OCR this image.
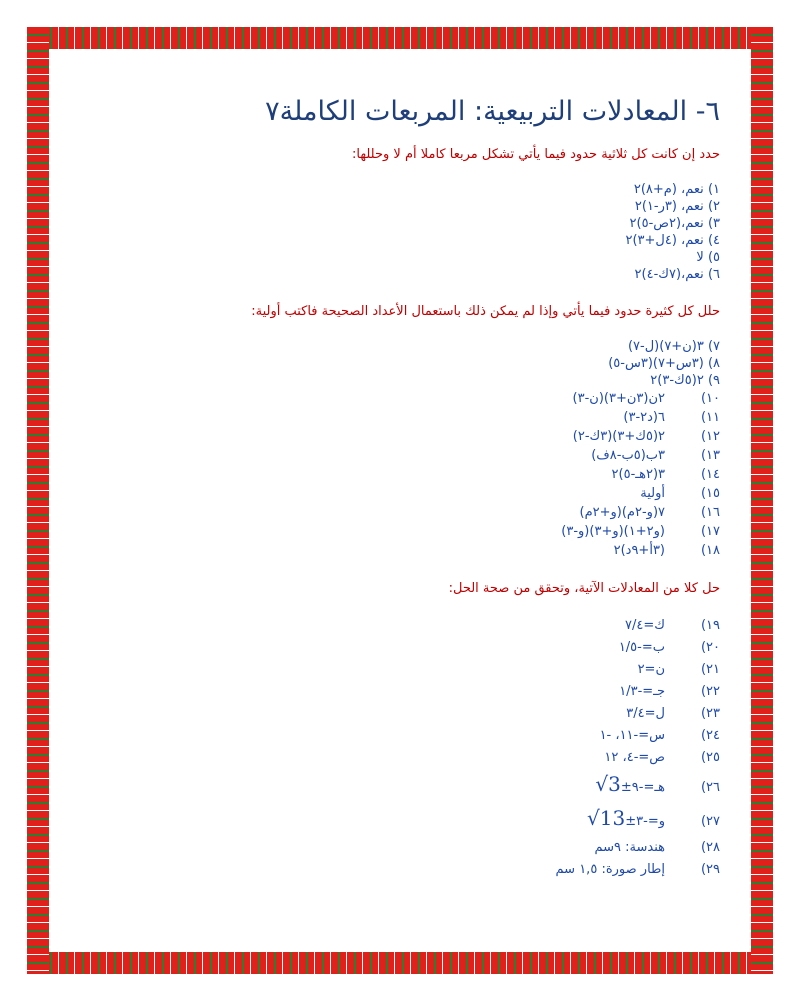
٦- المعادلات التربيعية: المربعات الكاملة٧
حدد إن كانت كل ثلاثية حدود فيما يأتي تشكل مربعا كاملا أم لا وحللها:
١) نعم، (م+٨)٢
٢) نعم، (٣ر-١)٢
٣) نعم،(٢ص-٥)٢
٤) نعم، (٤ل+٣)٢
٥) لا
٦) نعم،(٧ك-٤)٢
حلل كل كثيرة حدود فيما يأتي وإذا لم يمكن ذلك باستعمال الأعداد الصحيحة فاكتب أولية:
٧) ٣(ن+٧)(ل-٧)
٨) (٣س+٧)(٣س-٥)
٩) ٢(٥ك-٣)٢
١٠)٢ن(٣ن+٣)(ن-٣)
١١)٦(د٢-٣)
١٢)٢(٥ك+٣)(٣ك-٢)
١٣)٣ب(٥ب-٨ف)
١٤)٣(٢هـ-٥)٢
١٥)أولية
١٦)٧(و-٢م)(و+٢م)
١٧)(و٢+١)(و+٣)(و-٣)
١٨)(٣أ+٩د)٢
حل كلا من المعادلات الآتية، وتحقق من صحة الحل:
١٩)ك=٧/٤
٢٠)ب=-١/٥
٢١)ن=٢
٢٢)جـ=-١/٣
٢٣)ل=٣/٤
٢٤)س=-١١، -١
٢٥)ص=-٤، ١٢
٢٦)هـ=-٩±√3
٢٧)و=-٣±√13
٢٨)هندسة: ٩سم
٢٩)إطار صورة: ١,٥ سم
